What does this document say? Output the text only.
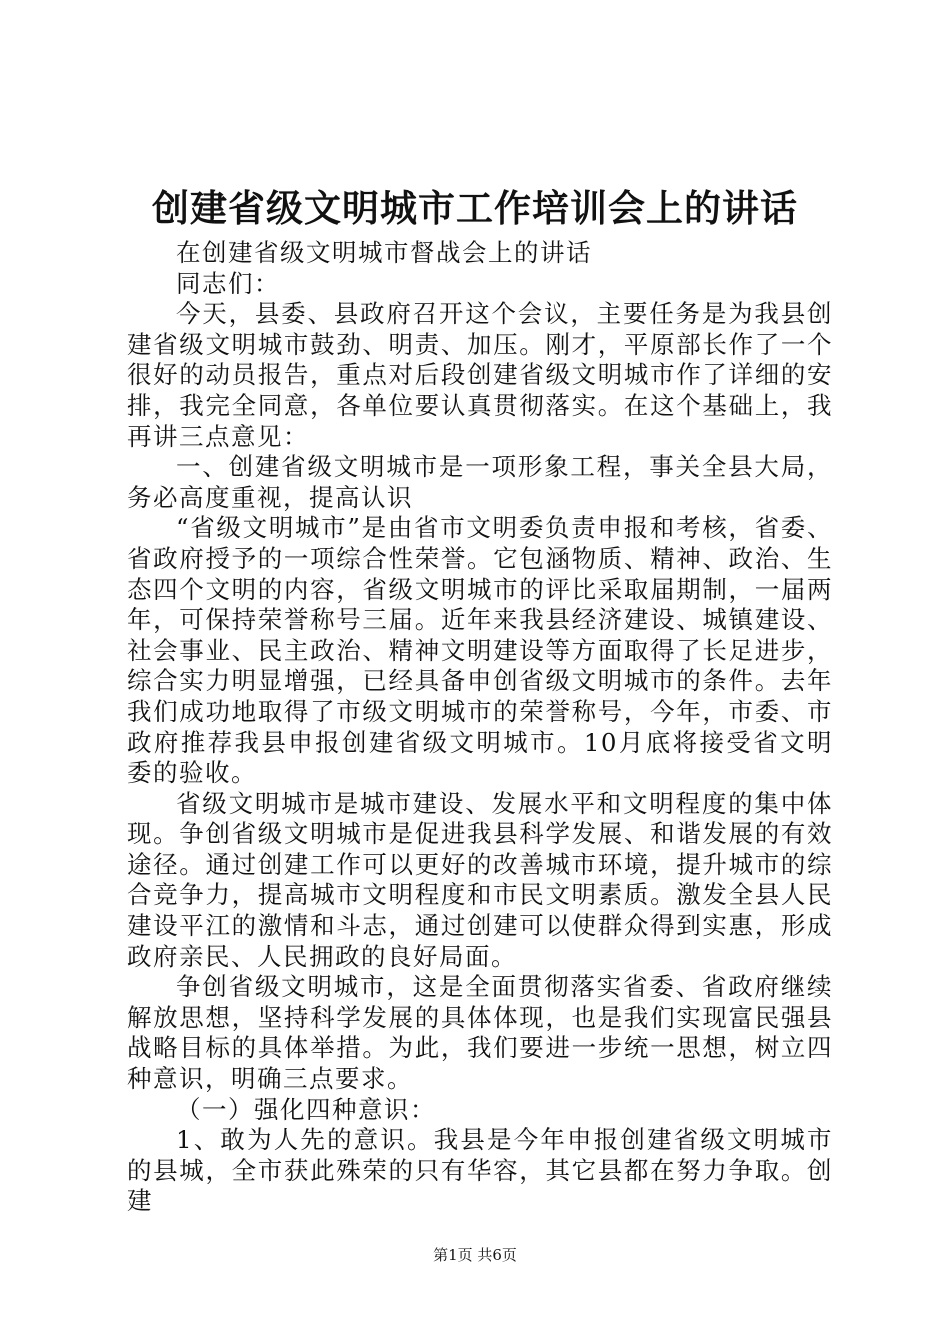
创建省级文明城市工作培训会上的讲话

在创建省级文明城市督战会上的讲话

同志们：

今天，县委、县政府召开这个会议，主要任务是为我县创建省级文明城市鼓劲、明责、加压。刚才，平原部长作了一个很好的动员报告，重点对后段创建省级文明城市作了详细的安排，我完全同意，各单位要认真贯彻落实。在这个基础上，我再讲三点意见：

一、创建省级文明城市是一项形象工程，事关全县大局，务必高度重视，提高认识

“省级文明城市”是由省市文明委负责申报和考核，省委、省政府授予的一项综合性荣誉。它包涵物质、精神、政治、生态四个文明的内容，省级文明城市的评比采取届期制，一届两年，可保持荣誉称号三届。近年来我县经济建设、城镇建设、社会事业、民主政治、精神文明建设等方面取得了长足进步，综合实力明显增强，已经具备申创省级文明城市的条件。去年我们成功地取得了市级文明城市的荣誉称号，今年，市委、市政府推荐我县申报创建省级文明城市。10月底将接受省文明委的验收。

省级文明城市是城市建设、发展水平和文明程度的集中体现。争创省级文明城市是促进我县科学发展、和谐发展的有效途径。通过创建工作可以更好的改善城市环境，提升城市的综合竞争力，提高城市文明程度和市民文明素质。激发全县人民建设平江的激情和斗志，通过创建可以使群众得到实惠，形成政府亲民、人民拥政的良好局面。

争创省级文明城市，这是全面贯彻落实省委、省政府继续解放思想，坚持科学发展的具体体现，也是我们实现富民强县战略目标的具体举措。为此，我们要进一步统一思想，树立四种意识，明确三点要求。

（一）强化四种意识：

1、敢为人先的意识。我县是今年申报创建省级文明城市的县城，全市获此殊荣的只有华容，其它县都在努力争取。创建

第1页 共6页
